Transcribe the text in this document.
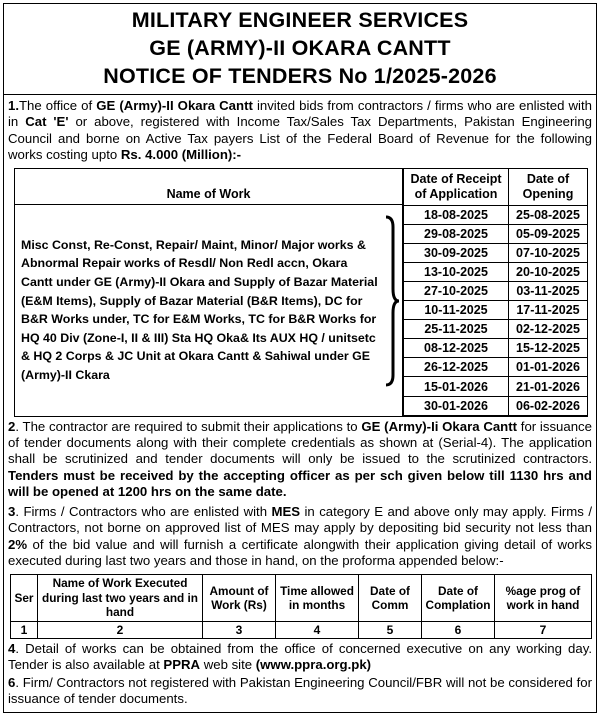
MILITARY ENGINEER SERVICES
GE (ARMY)-II OKARA CANTT
NOTICE OF TENDERS No 1/2025-2026

1.The office of GE (Army)-II Okara Cantt invited bids from contractors / firms who are enlisted with in Cat 'E' or above, registered with Income Tax/Sales Tax Departments, Pakistan Engineering Council and borne on Active Tax payers List of the Federal Board of Revenue for the following works costing upto Rs. 4.000 (Million):-

Name of Work
Misc Const, Re-Const, Repair/ Maint, Minor/ Major works & Abnormal Repair works of Resdl/ Non Redl accn, Okara Cantt under GE (Army)-II Okara and Supply of Bazar Material (E&M Items), Supply of Bazar Material (B&R Items), DC for B&R Works under, TC for E&M Works, TC for B&R Works for HQ 40 Div (Zone-I, II & III) Sta HQ Oka& Its AUX HQ / unitsetc & HQ 2 Corps & JC Unit at Okara Cantt & Sahiwal under GE (Army)-II Ckara
Date of Receipt of Application	Date of Opening
18-08-2025	25-08-2025
29-08-2025	05-09-2025
30-09-2025	07-10-2025
13-10-2025	20-10-2025
27-10-2025	03-11-2025
10-11-2025	17-11-2025
25-11-2025	02-12-2025
08-12-2025	15-12-2025
26-12-2025	01-01-2026
15-01-2026	21-01-2026
30-01-2026	06-02-2026

2. The contractor are required to submit their applications to GE (Army)-Ii Okara Cantt for issuance of tender documents along with their complete credentials as shown at (Serial-4). The application shall be scrutinized and tender documents will only be issued to the scrutinized contractors. Tenders must be received by the accepting officer as per sch given below till 1130 hrs and will be opened at 1200 hrs on the same date.

3. Firms / Contractors who are enlisted with MES in category E and above only may apply. Firms / Contractors, not borne on approved list of MES may apply by depositing bid security not less than 2% of the bid value and will furnish a certificate alongwith their application giving detail of works executed during last two years and those in hand, on the proforma appended below:-

Ser	Name of Work Executed during last two years and in hand	Amount of Work (Rs)	Time allowed in months	Date of Comm	Date of Complation	%age prog of work in hand
1	2	3	4	5	6	7

4. Detail of works can be obtained from the office of concerned executive on any working day. Tender is also available at PPRA web site (www.ppra.org.pk)

6. Firm/ Contractors not registered with Pakistan Engineering Council/FBR will not be considered for issuance of tender documents.
